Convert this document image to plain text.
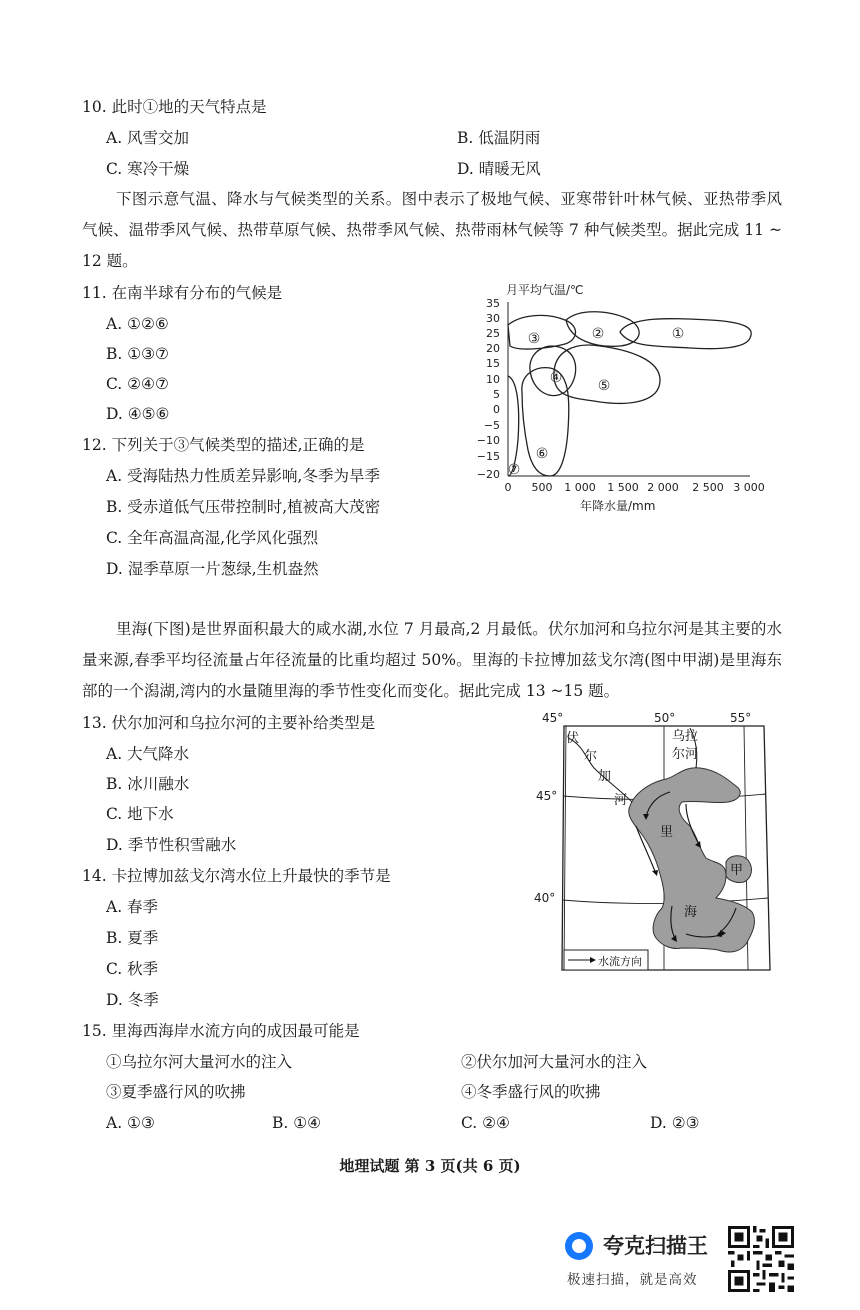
10. 此时①地的天气特点是
A. 风雪交加	B. 低温阴雨
C. 寒冷干燥	D. 晴暖无风
下图示意气温、降水与气候类型的关系。图中表示了极地气候、亚寒带针叶林气候、亚热带季风气候、温带季风气候、热带草原气候、热带季风气候、热带雨林气候等 7 种气候类型。据此完成 11 ~ 12 题。
11. 在南半球有分布的气候是
A. ①②⑥
B. ①③⑦
C. ②④⑦
D. ④⑤⑥
12. 下列关于③气候类型的描述,正确的是
A. 受海陆热力性质差异影响,冬季为旱季
B. 受赤道低气压带控制时,植被高大茂密
C. 全年高温高湿,化学风化强烈
D. 湿季草原一片葱绿,生机盎然
月平均气温/℃
35
30
25
20
15
10
5
0
−5
−10
−15
−20
0 500 1 000 1 500 2 000 2 500 3 000
年降水量/mm
①
②
③
④	⑤
⑥
⑦
里海(下图)是世界面积最大的咸水湖,水位 7 月最高,2 月最低。伏尔加河和乌拉尔河是其主要的水量来源,春季平均径流量占年径流量的比重均超过 50%。里海的卡拉博加兹戈尔湾(图中甲湖)是里海东部的一个潟湖,湾内的水量随里海的季节性变化而变化。据此完成 13 ~15 题。
13. 伏尔加河和乌拉尔河的主要补给类型是
A. 大气降水
B. 冰川融水
C. 地下水
D. 季节性积雪融水
14. 卡拉博加兹戈尔湾水位上升最快的季节是
A. 春季
B. 夏季
C. 秋季
D. 冬季
45°	50°	55°
45°
40°
伏
尔
加
河
乌拉
尔河
里
海
甲
水流方向
15. 里海西海岸水流方向的成因最可能是
①乌拉尔河大量河水的注入	②伏尔加河大量河水的注入
③夏季盛行风的吹拂	④冬季盛行风的吹拂
A. ①③	B. ①④	C. ②④	D. ②③
地理试题 第 3 页(共 6 页)
夸克扫描王
极速扫描，就是高效
